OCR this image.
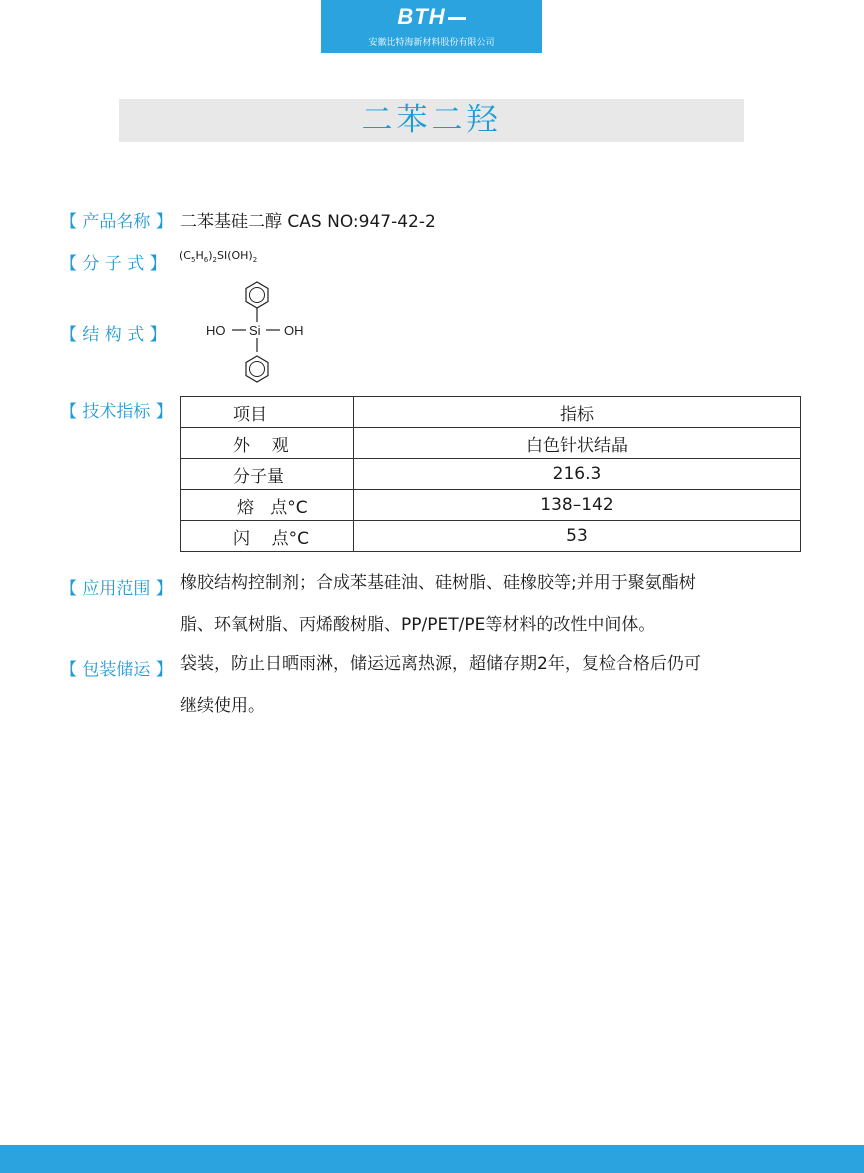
BTH
安徽比特海新材料股份有限公司
二苯二羟
【 产品名称 】 二苯基硅二醇 CAS NO:947-42-2
【 分 子 式 】 $(C_5H_6)_2SI(OH)_2$
【 结 构 式 】	HO Si OH
【 技术指标 】	项目	指标
外    观	白色针状结晶
分子量	216.3
熔   点°C	138–142
闪    点°C	53
【 应用范围 】 橡胶结构控制剂；合成苯基硅油、硅树脂、硅橡胶等;并用于聚氨酯树
脂、环氧树脂、丙烯酸树脂、PP/PET/PE等材料的改性中间体。
【 包装储运 】 袋装，防止日晒雨淋，储运远离热源，超储存期2年，复检合格后仍可
继续使用。
